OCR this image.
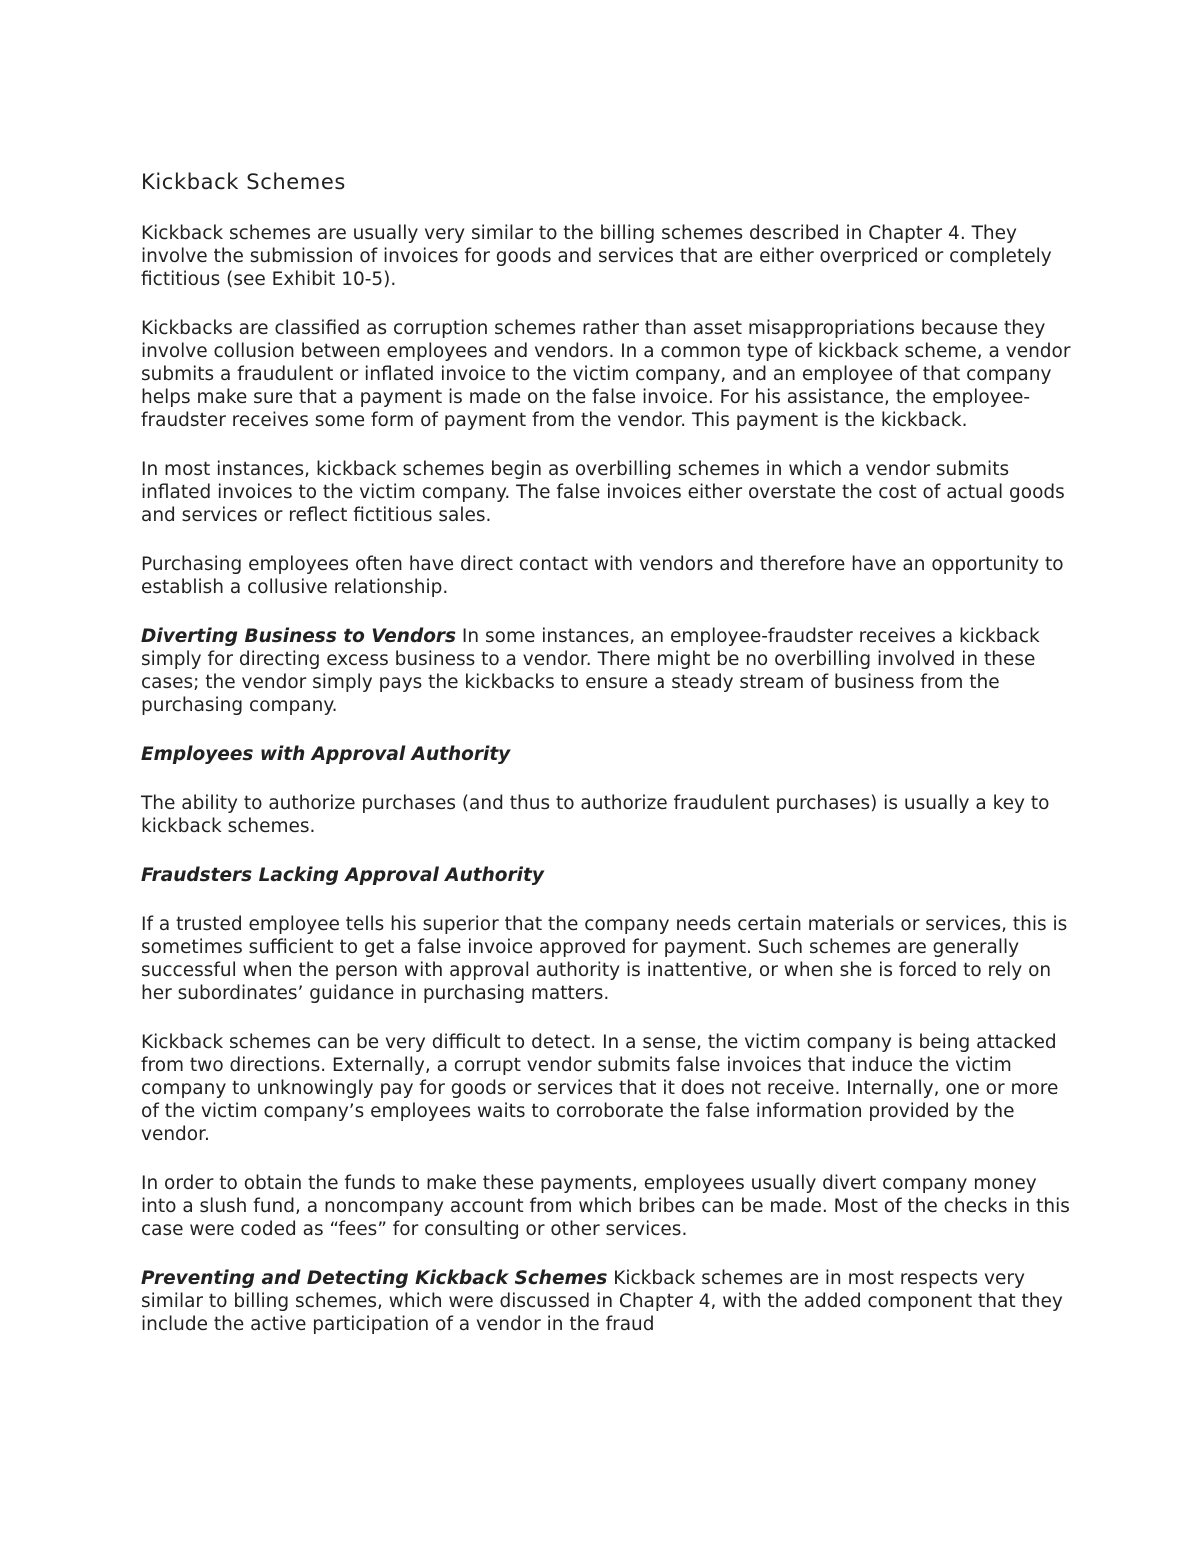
Kickback Schemes

Kickback schemes are usually very similar to the billing schemes described in Chapter 4. They involve the submission of invoices for goods and services that are either overpriced or completely fictitious (see Exhibit 10-5).

Kickbacks are classified as corruption schemes rather than asset misappropriations because they involve collusion between employees and vendors. In a common type of kickback scheme, a vendor submits a fraudulent or inflated invoice to the victim company, and an employee of that company helps make sure that a payment is made on the false invoice. For his assistance, the employee-fraudster receives some form of payment from the vendor. This payment is the kickback.

In most instances, kickback schemes begin as overbilling schemes in which a vendor submits inflated invoices to the victim company. The false invoices either overstate the cost of actual goods and services or reflect fictitious sales.

Purchasing employees often have direct contact with vendors and therefore have an opportunity to establish a collusive relationship.

Diverting Business to Vendors In some instances, an employee-fraudster receives a kickback simply for directing excess business to a vendor. There might be no overbilling involved in these cases; the vendor simply pays the kickbacks to ensure a steady stream of business from the purchasing company.

Employees with Approval Authority

The ability to authorize purchases (and thus to authorize fraudulent purchases) is usually a key to kickback schemes.

Fraudsters Lacking Approval Authority

If a trusted employee tells his superior that the company needs certain materials or services, this is sometimes sufficient to get a false invoice approved for payment. Such schemes are generally successful when the person with approval authority is inattentive, or when she is forced to rely on her subordinates’ guidance in purchasing matters.

Kickback schemes can be very difficult to detect. In a sense, the victim company is being attacked from two directions. Externally, a corrupt vendor submits false invoices that induce the victim company to unknowingly pay for goods or services that it does not receive. Internally, one or more of the victim company’s employees waits to corroborate the false information provided by the vendor.

In order to obtain the funds to make these payments, employees usually divert company money into a slush fund, a noncompany account from which bribes can be made. Most of the checks in this case were coded as “fees” for consulting or other services.

Preventing and Detecting Kickback Schemes Kickback schemes are in most respects very similar to billing schemes, which were discussed in Chapter 4, with the added component that they include the active participation of a vendor in the fraud
